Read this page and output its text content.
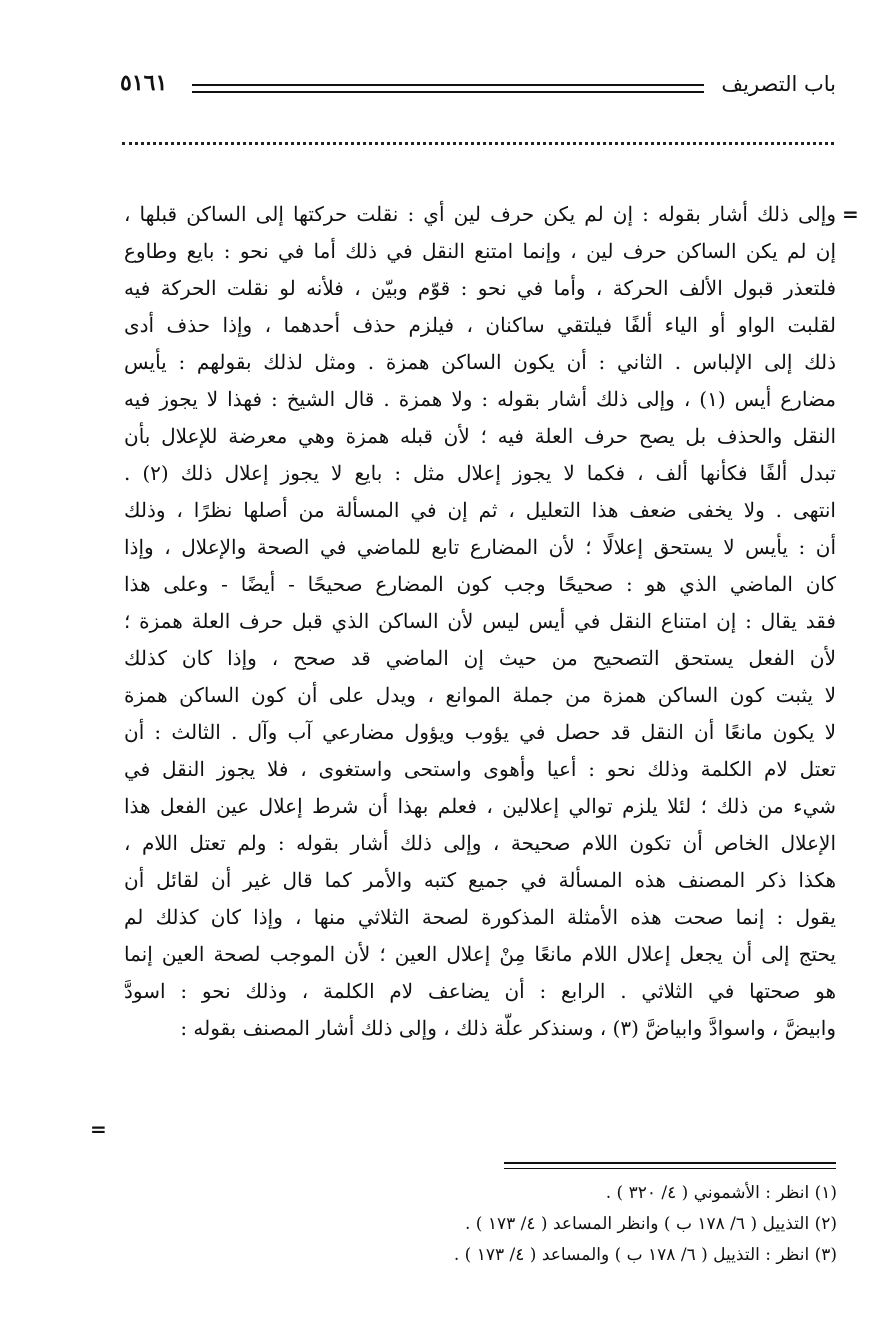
باب التصريف
٥١٦١
=
=
وإلى ذلك أشار بقوله : إن لم يكن حرف لين أي : نقلت حركتها إلى الساكن قبلها ،
إن لم يكن الساكن حرف لين ، وإنما امتنع النقل في ذلك أما في نحو : بايع وطاوع
فلتعذر قبول الألف الحركة ، وأما في نحو : قوّم وبيّن ، فلأنه لو نقلت الحركة فيه
لقلبت الواو أو الياء ألفًا فيلتقي ساكنان ، فيلزم حذف أحدهما ، وإذا حذف أدى
ذلك إلى الإلباس . الثاني : أن يكون الساكن همزة . ومثل لذلك بقولهم : يأيس
مضارع أيس (١) ، وإلى ذلك أشار بقوله : ولا همزة . قال الشيخ : فهذا لا يجوز فيه
النقل والحذف بل يصح حرف العلة فيه ؛ لأن قبله همزة وهي معرضة للإعلال بأن
تبدل ألفًا فكأنها ألف ، فكما لا يجوز إعلال مثل : بايع لا يجوز إعلال ذلك (٢) .
انتهى . ولا يخفى ضعف هذا التعليل ، ثم إن في المسألة من أصلها نظرًا ، وذلك
أن : يأيس لا يستحق إعلالًا ؛ لأن المضارع تابع للماضي في الصحة والإعلال ، وإذا
كان الماضي الذي هو : صحيحًا وجب كون المضارع صحيحًا - أيضًا - وعلى هذا
فقد يقال : إن امتناع النقل في أيس ليس لأن الساكن الذي قبل حرف العلة همزة ؛
لأن الفعل يستحق التصحيح من حيث إن الماضي قد صحح ، وإذا كان كذلك
لا يثبت كون الساكن همزة من جملة الموانع ، ويدل على أن كون الساكن همزة
لا يكون مانعًا أن النقل قد حصل في يؤوب ويؤول مضارعي آب وآل . الثالث : أن
تعتل لام الكلمة وذلك نحو : أعيا وأهوى واستحى واستغوى ، فلا يجوز النقل في
شيء من ذلك ؛ لئلا يلزم توالي إعلالين ، فعلم بهذا أن شرط إعلال عين الفعل هذا
الإعلال الخاص أن تكون اللام صحيحة ، وإلى ذلك أشار بقوله : ولم تعتل اللام ،
هكذا ذكر المصنف هذه المسألة في جميع كتبه والأمر كما قال غير أن لقائل أن
يقول : إنما صحت هذه الأمثلة المذكورة لصحة الثلاثي منها ، وإذا كان كذلك لم
يحتج إلى أن يجعل إعلال اللام مانعًا مِنْ إعلال العين ؛ لأن الموجب لصحة العين إنما
هو صحتها في الثلاثي . الرابع : أن يضاعف لام الكلمة ، وذلك نحو : اسودَّ
وابيضَّ ، واسوادَّ وابياضَّ (٣) ، وسنذكر علّة ذلك ، وإلى ذلك أشار المصنف بقوله :
(١) انظر : الأشموني ( ٤/ ٣٢٠ ) .
(٢) التذييل ( ٦/ ١٧٨ ب ) وانظر المساعد ( ٤/ ١٧٣ ) .
(٣) انظر : التذييل ( ٦/ ١٧٨ ب ) والمساعد ( ٤/ ١٧٣ ) .
